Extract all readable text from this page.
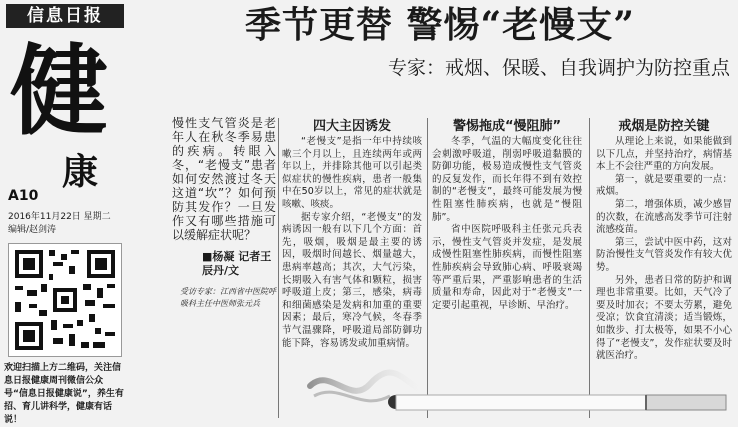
信息日报
健
康
A10
2016年11月22日 星期二
编辑/赵剑涛
欢迎扫描上方二维码，关注信息日报健康周刊微信公众号“信息日报健康说”，养生有招、育儿讲科学，健康有话说！
季节更替 警惕“老慢支”
专家：戒烟、保暖、自我调护为防控重点
慢性支气管炎是老年人在秋冬季易患的疾病。转眼入冬，“老慢支”患者如何安然渡过冬天这道“坎”？如何预防其发作？一旦发作又有哪些措施可以缓解症状呢？
■杨凝 记者王辰丹/文
受访专家：江西省中医院呼吸科主任中医师张元兵
四大主因诱发

“老慢支”是指一年中持续咳嗽三个月以上，且连续两年或两年以上，并排除其他可以引起类似症状的慢性疾病，患者一般集中在50岁以上，常见的症状就是咳嗽、咳痰。

据专家介绍，“老慢支”的发病诱因一般有以下几个方面：首先，吸烟，吸烟是最主要的诱因，吸烟时间越长、烟量越大，患病率越高；其次，大气污染，长期吸入有害气体和颗粒，损害呼吸道上皮；第三，感染，病毒和细菌感染是发病和加重的重要因素；最后，寒冷气候，冬春季节气温骤降，呼吸道局部防御功能下降，容易诱发或加重病情。

警惕拖成“慢阻肺”

冬季，气温的大幅度变化往往会刺激呼吸道，削弱呼吸道黏膜的防御功能，极易造成慢性支气管炎的反复发作，而长年得不到有效控制的“老慢支”，最终可能发展为慢性阻塞性肺疾病，也就是“慢阻肺”。

省中医院呼吸科主任张元兵表示，慢性支气管炎并发症，是发展成慢性阻塞性肺疾病，而慢性阻塞性肺疾病会导致肺心病、呼吸衰竭等严重后果，严重影响患者的生活质量和寿命，因此对于“老慢支”一定要引起重视，早诊断、早治疗。

戒烟是防控关键

从理论上来说，如果能做到以下几点，并坚持治疗，病情基本上不会往严重的方向发展。

第一，就是要重要的一点：戒烟。

第二，增强体质，减少感冒的次数，在流感高发季节可注射流感疫苗。

第三，尝试中医中药，这对防治慢性支气管炎发作有较大优势。

另外，患者日常的防护和调理也非常重要。比如，天气冷了要及时加衣；不要太劳累，避免受凉；饮食宜清淡；适当锻炼，如散步、打太极等，如果不小心得了“老慢支”，发作症状要及时就医治疗。
